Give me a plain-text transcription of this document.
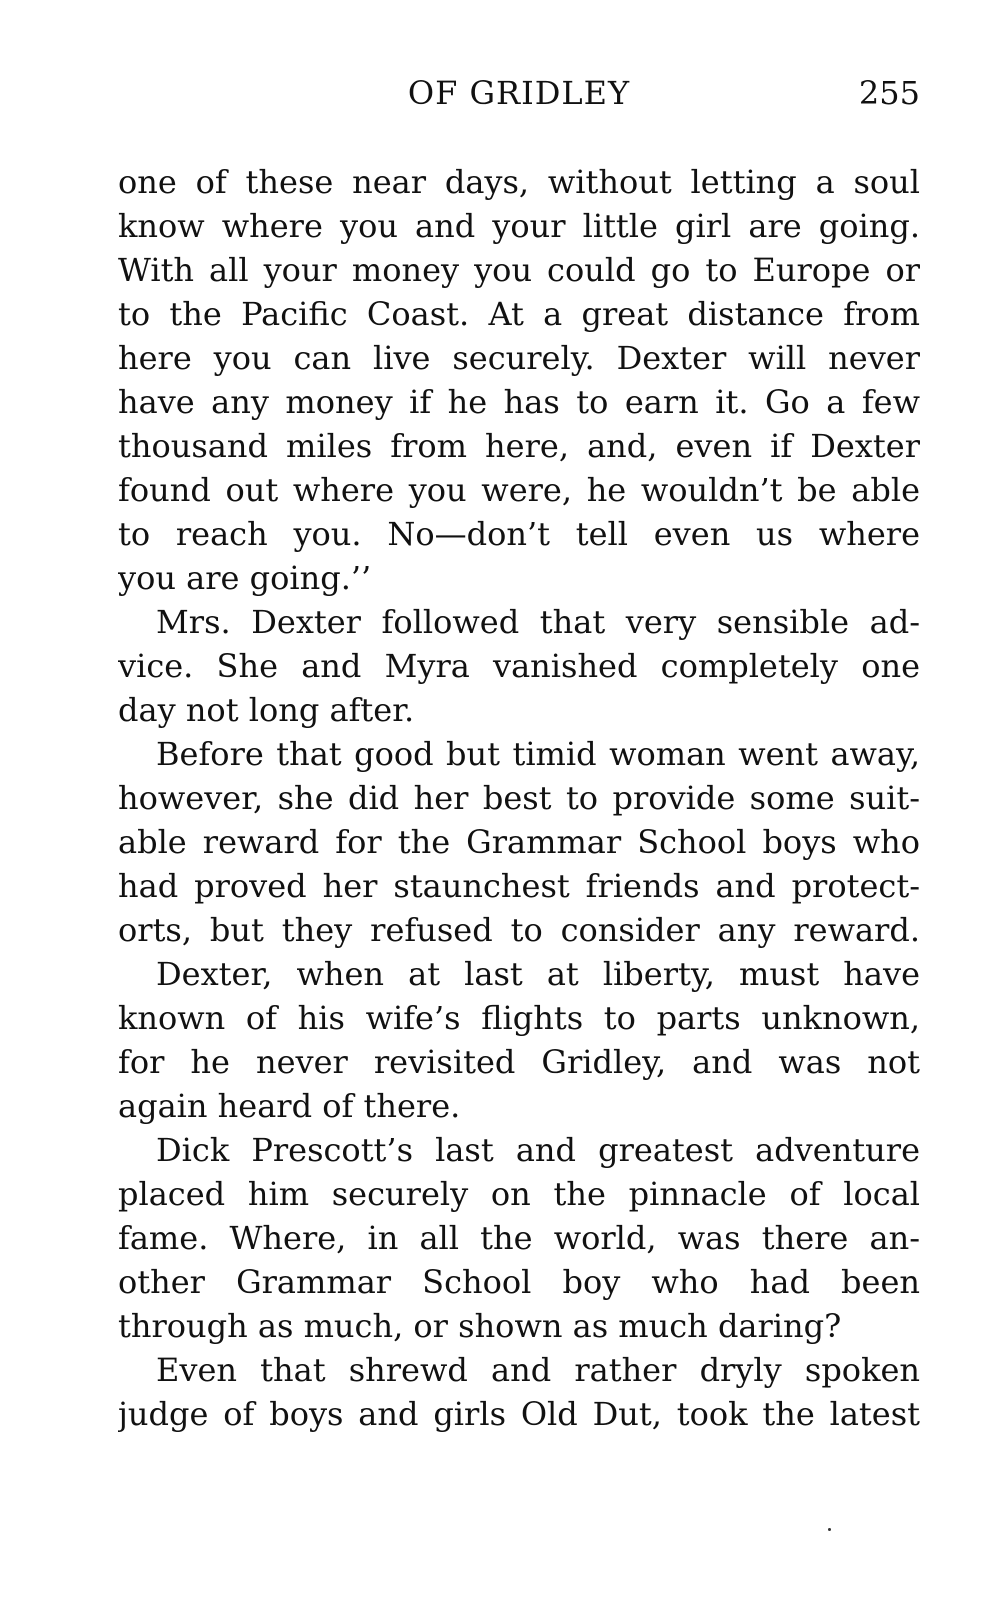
OF GRIDLEY	255
one of these near days, without letting a soul
know where you and your little girl are going.
With all your money you could go to Europe or
to the Pacific Coast. At a great distance from
here you can live securely. Dexter will never
have any money if he has to earn it. Go a few
thousand miles from here, and, even if Dexter
found out where you were, he wouldn’t be able
to reach you. No—don’t tell even us where
you are going.’’
Mrs. Dexter followed that very sensible ad-
vice. She and Myra vanished completely one
day not long after.
Before that good but timid woman went away,
however, she did her best to provide some suit-
able reward for the Grammar School boys who
had proved her staunchest friends and protect-
orts, but they refused to consider any reward.
Dexter, when at last at liberty, must have
known of his wife’s flights to parts unknown,
for he never revisited Gridley, and was not
again heard of there.
Dick Prescott’s last and greatest adventure
placed him securely on the pinnacle of local
fame. Where, in all the world, was there an-
other Grammar School boy who had been
through as much, or shown as much daring?
Even that shrewd and rather dryly spoken
judge of boys and girls Old Dut, took the latest
